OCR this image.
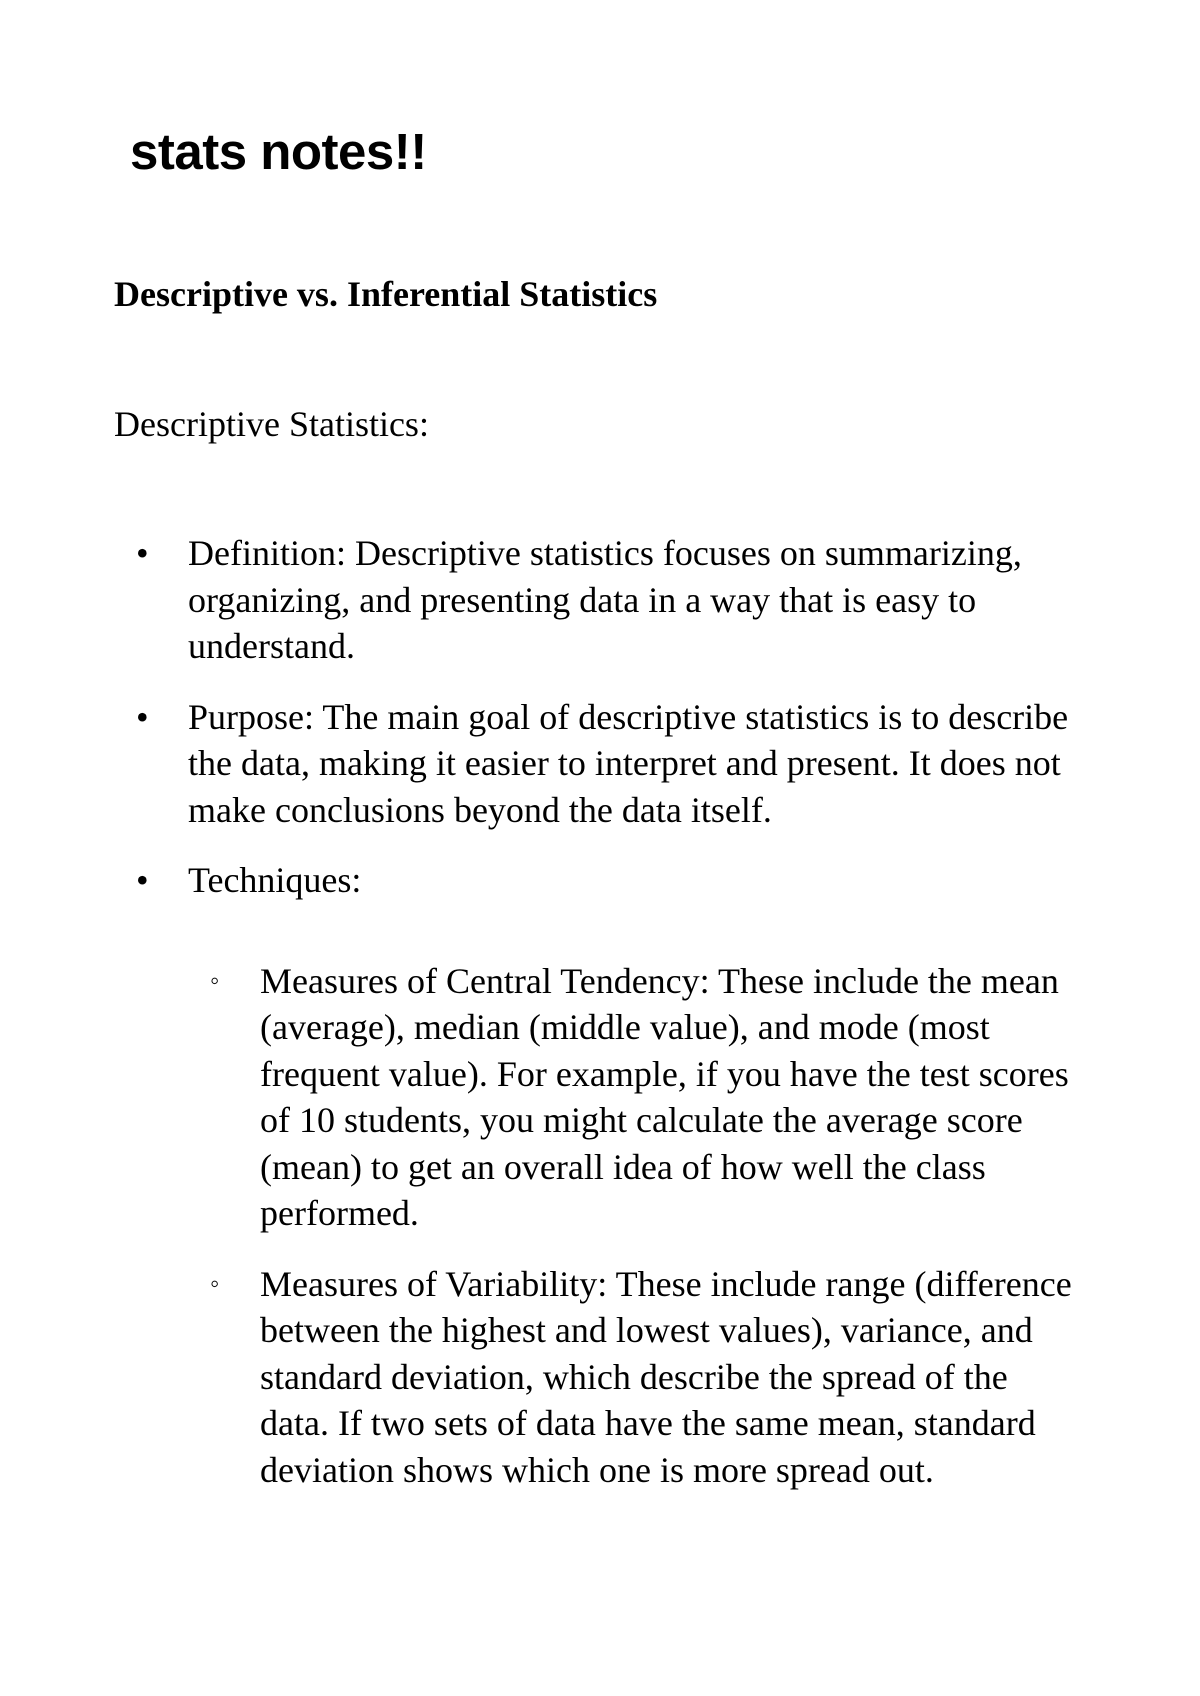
stats notes!!
Descriptive vs. Inferential Statistics

Descriptive Statistics:

• Definition: Descriptive statistics focuses on summarizing, organizing, and presenting data in a way that is easy to understand.
• Purpose: The main goal of descriptive statistics is to describe the data, making it easier to interpret and present. It does not make conclusions beyond the data itself.
• Techniques:
◦ Measures of Central Tendency: These include the mean (average), median (middle value), and mode (most frequent value). For example, if you have the test scores of 10 students, you might calculate the average score (mean) to get an overall idea of how well the class performed.
◦ Measures of Variability: These include range (difference between the highest and lowest values), variance, and standard deviation, which describe the spread of the data. If two sets of data have the same mean, standard deviation shows which one is more spread out.
